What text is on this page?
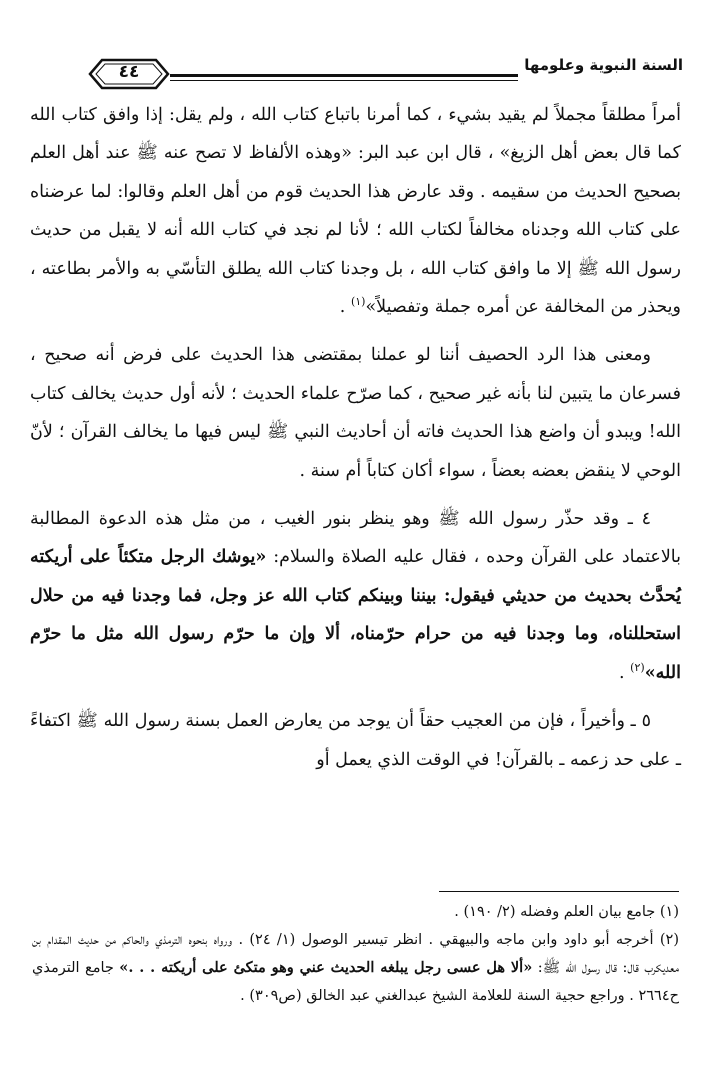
السنة النبوية وعلومها
٤٤

أمراً مطلقاً مجملاً لم يقيد بشيء ، كما أمرنا باتباع كتاب الله ، ولم يقل: إذا وافق كتاب الله كما قال بعض أهل الزيغ» ، قال ابن عبد البر: «وهذه الألفاظ لا تصح عنه ﷺ عند أهل العلم بصحيح الحديث من سقيمه . وقد عارض هذا الحديث قوم من أهل العلم وقالوا: لما عرضناه على كتاب الله وجدناه مخالفاً لكتاب الله ؛ لأنا لم نجد في كتاب الله أنه لا يقبل من حديث رسول الله ﷺ إلا ما وافق كتاب الله ، بل وجدنا كتاب الله يطلق التأسّي به والأمر بطاعته ، ويحذر من المخالفة عن أمره جملة وتفصيلاً»$^{(١)}$ .

ومعنى هذا الرد الحصيف أننا لو عملنا بمقتضى هذا الحديث على فرض أنه صحيح ، فسرعان ما يتبين لنا بأنه غير صحيح ، كما صرّح علماء الحديث ؛ لأنه أول حديث يخالف كتاب الله! ويبدو أن واضع هذا الحديث فاته أن أحاديث النبي ﷺ ليس فيها ما يخالف القرآن ؛ لأنّ الوحي لا ينقض بعضه بعضاً ، سواء أكان كتاباً أم سنة .

٤ ـ وقد حذّر رسول الله ﷺ وهو ينظر بنور الغيب ، من مثل هذه الدعوة المطالبة بالاعتماد على القرآن وحده ، فقال عليه الصلاة والسلام: «يوشك الرجل متكئاً على أريكته يُحدَّث بحديث من حديثي فيقول: بيننا وبينكم كتاب الله عز وجل، فما وجدنا فيه من حلال استحللناه، وما وجدنا فيه من حرام حرّمناه، ألا وإن ما حرّم رسول الله مثل ما حرّم الله»$^{(٢)}$ .

٥ ـ وأخيراً ، فإن من العجيب حقاً أن يوجد من يعارض العمل بسنة رسول الله ﷺ اكتفاءً ـ على حد زعمه ـ بالقرآن! في الوقت الذي يعمل أو

(١) جامع بيان العلم وفضله (٢/ ١٩٠) .

(٢) أخرجه أبو داود وابن ماجه والبيهقي . انظر تيسير الوصول (١/ ٢٤) . ورواه بنحوه الترمذي والحاكم من حديث المقدام بن معديكرب قال: قال رسول الله ﷺ: «ألا هل عسى رجل يبلغه الحديث عني وهو متكئ على أريكته . . .» جامع الترمذي ح٢٦٦٤ . وراجع حجية السنة للعلامة الشيخ عبدالغني عبد الخالق (ص٣٠٩) .
